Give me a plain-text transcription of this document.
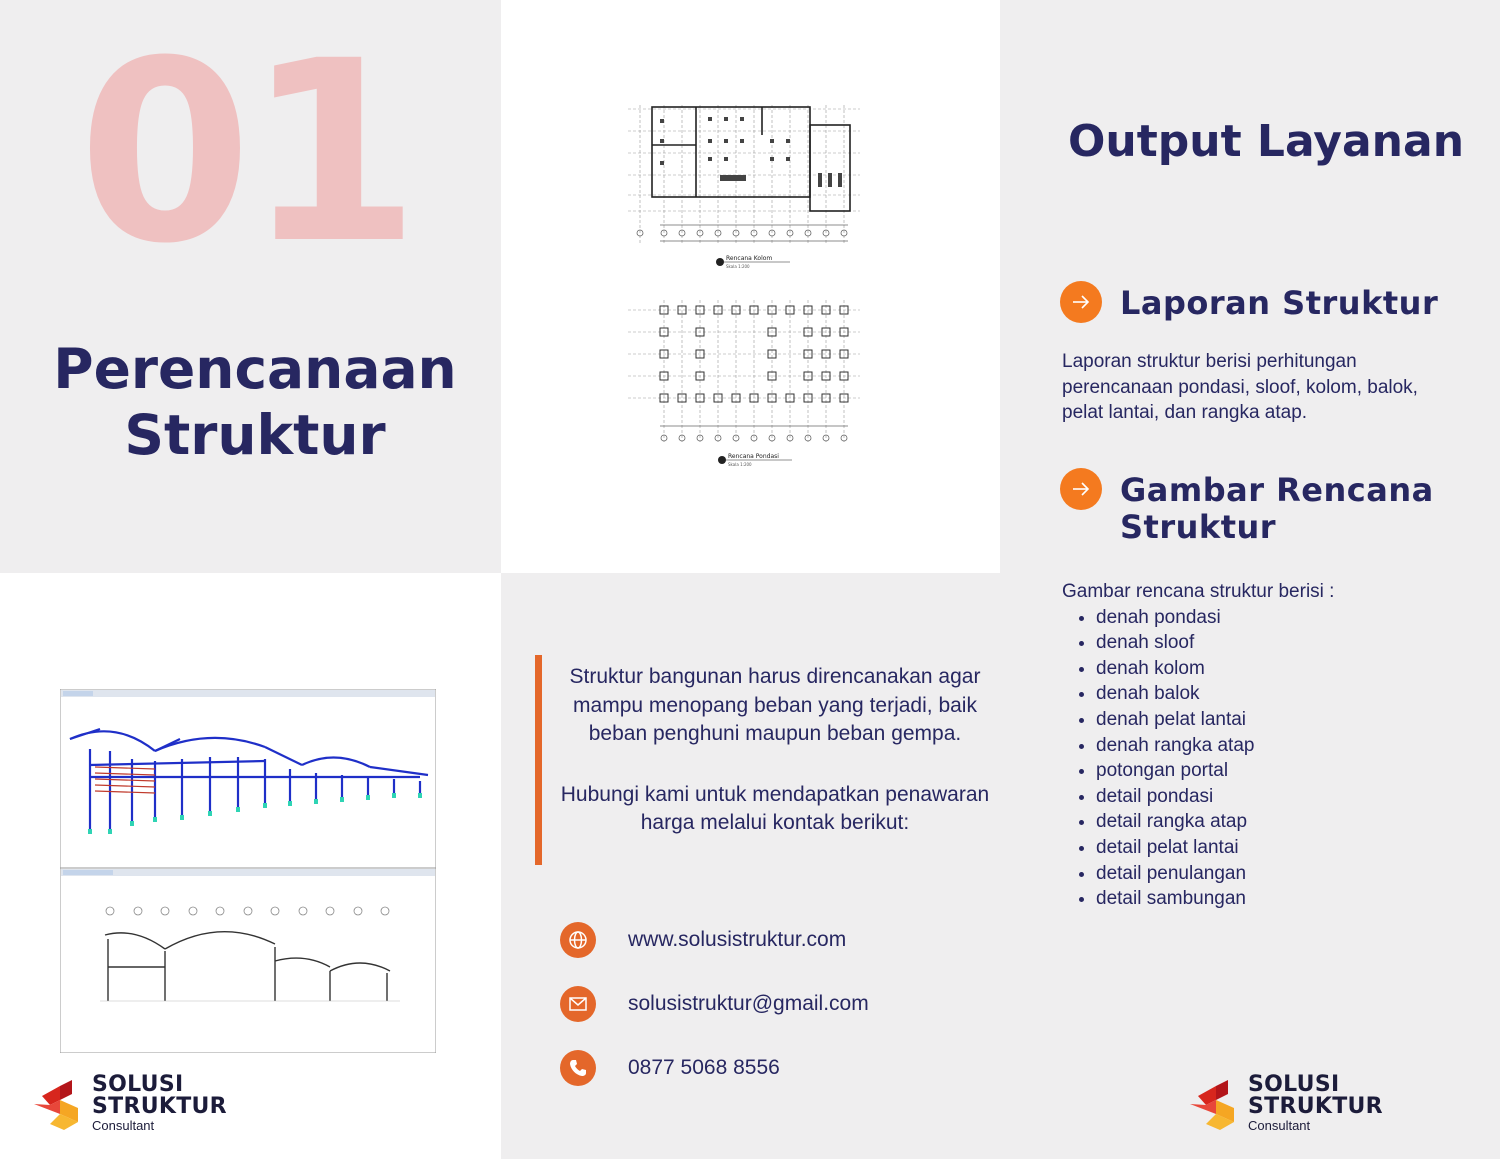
01
Perencanaan
Struktur
Rencana Kolom
Skala 1:200
Rencana Pondasi
Skala 1:200
Output Layanan
Laporan Struktur
Laporan struktur berisi perhitungan perencanaan pondasi, sloof, kolom, balok, pelat lantai, dan rangka atap.
Gambar Rencana
Struktur
Gambar rencana struktur berisi :
• denah pondasi
• denah sloof
• denah kolom
• denah balok
• denah pelat lantai
• denah rangka atap
• potongan portal
• detail pondasi
• detail rangka atap
• detail pelat lantai
• detail penulangan
• detail sambungan

Struktur bangunan harus direncanakan agar mampu menopang beban yang terjadi, baik beban penghuni maupun beban gempa.

Hubungi kami untuk mendapatkan penawaran harga melalui kontak berikut:

www.solusistruktur.com
solusistruktur@gmail.com
0877 5068 8556
SOLUSI
STRUKTUR
Consultant
SOLUSI
STRUKTUR
Consultant
